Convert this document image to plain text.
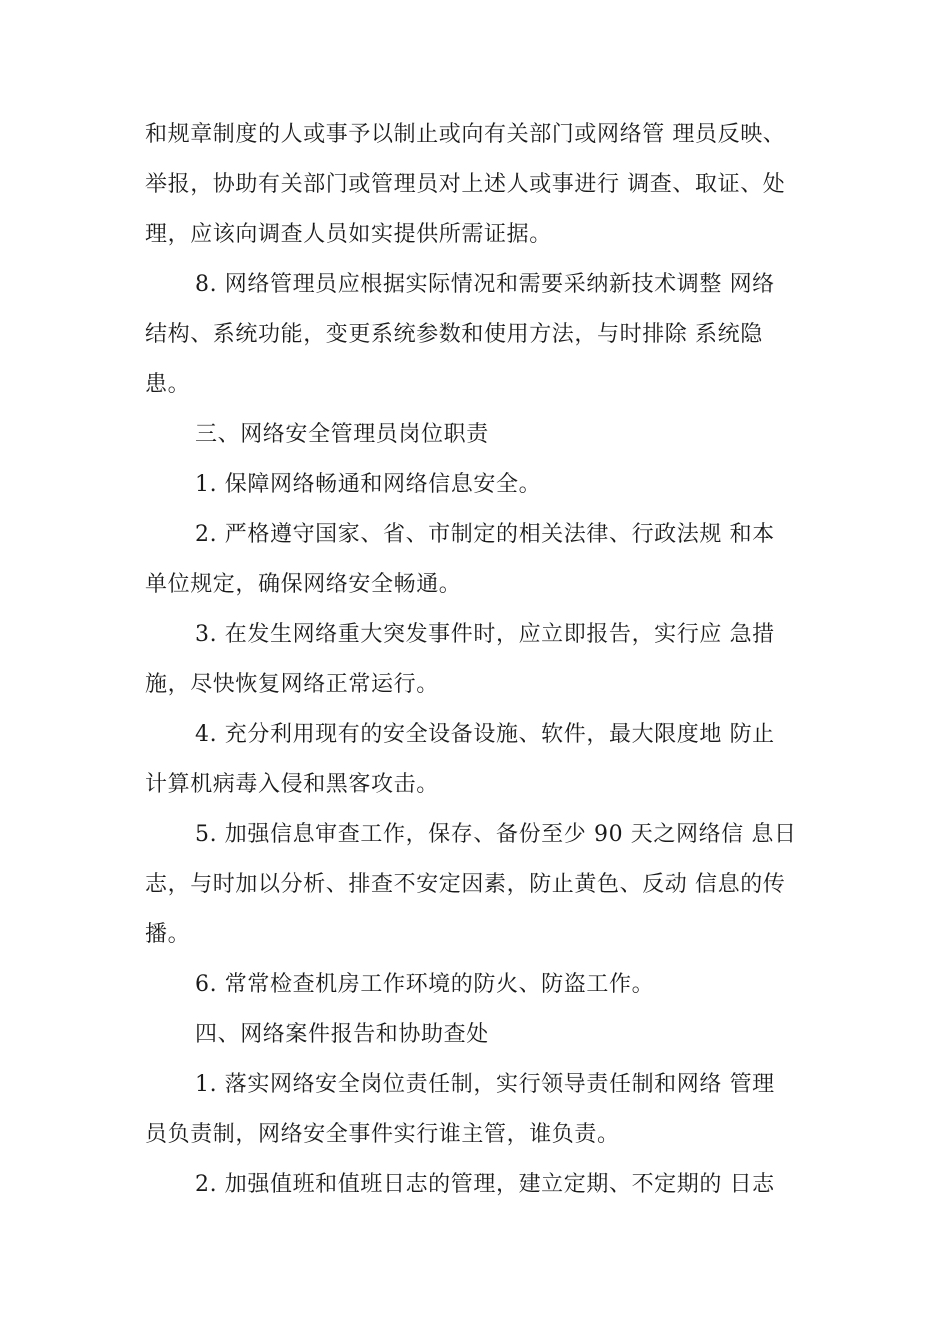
和规章制度的人或事予以制止或向有关部门或网络管 理员反映、
举报，协助有关部门或管理员对上述人或事进行 调查、取证、处
理，应该向调查人员如实提供所需证据。

8. 网络管理员应根据实际情况和需要采纳新技术调整 网络
结构、系统功能，变更系统参数和使用方法，与时排除 系统隐
患。

三、网络安全管理员岗位职责

1. 保障网络畅通和网络信息安全。

2. 严格遵守国家、省、市制定的相关法律、行政法规 和本
单位规定，确保网络安全畅通。

3. 在发生网络重大突发事件时，应立即报告，实行应 急措
施，尽快恢复网络正常运行。

4. 充分利用现有的安全设备设施、软件，最大限度地 防止
计算机病毒入侵和黑客攻击。

5. 加强信息审查工作，保存、备份至少 90 天之网络信 息日
志，与时加以分析、排查不安定因素，防止黄色、反动 信息的传
播。

6. 常常检查机房工作环境的防火、防盗工作。

四、网络案件报告和协助查处

1. 落实网络安全岗位责任制，实行领导责任制和网络 管理
员负责制，网络安全事件实行谁主管，谁负责。

2. 加强值班和值班日志的管理，建立定期、不定期的 日志
